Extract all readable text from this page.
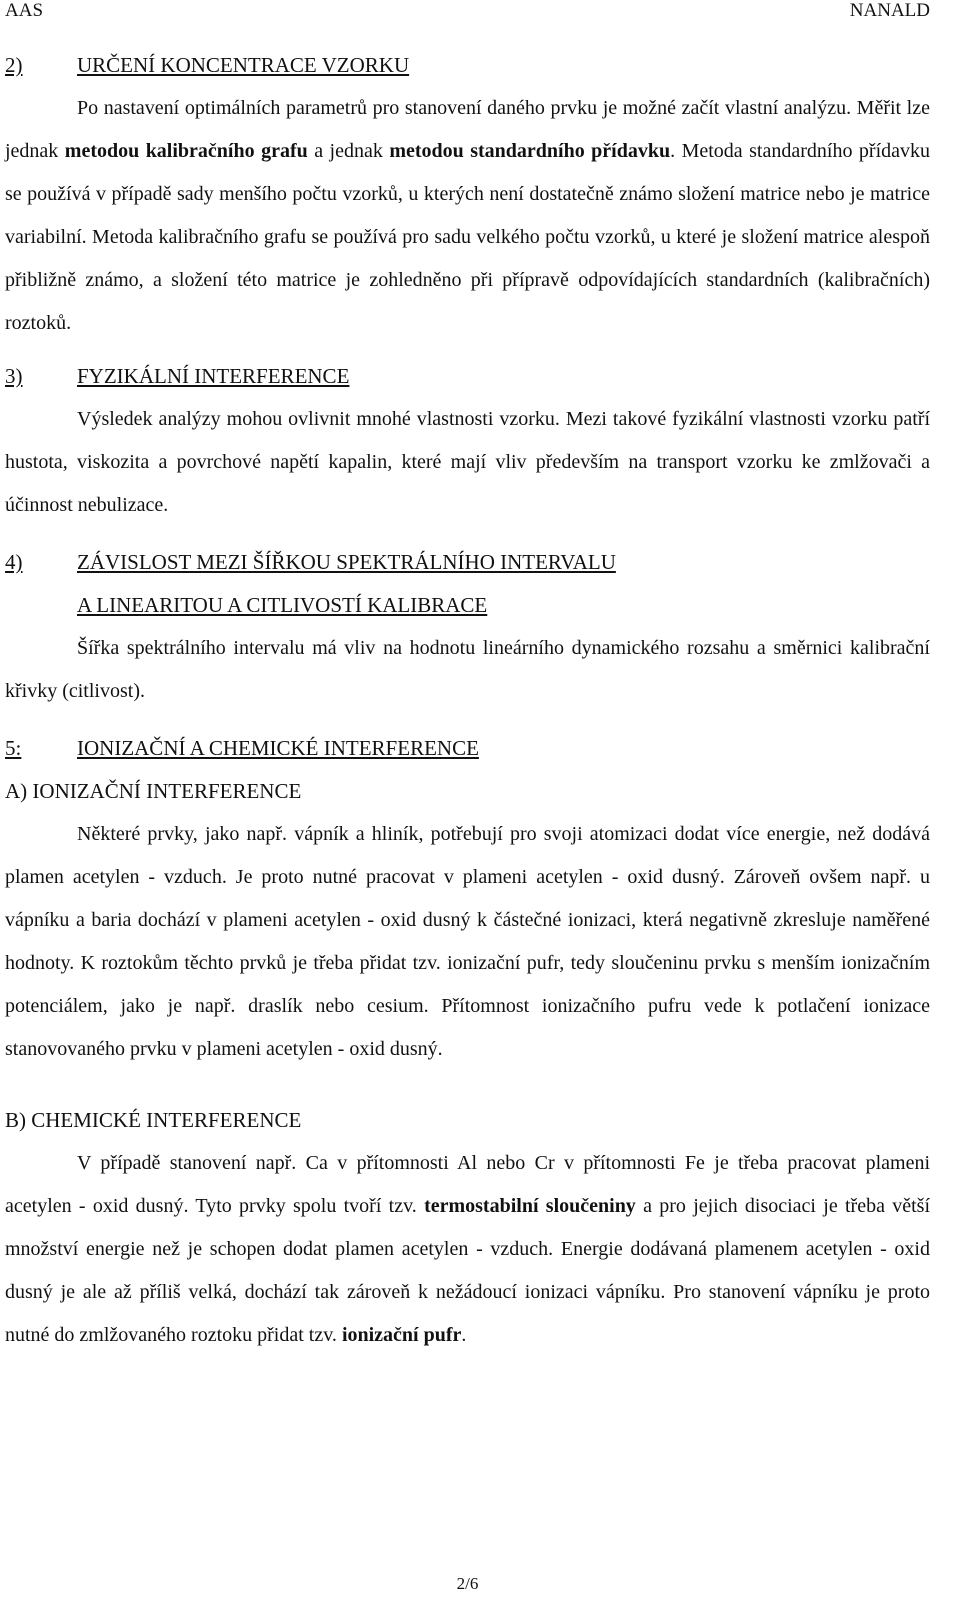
AAS	NANALD
2)	URČENÍ KONCENTRACE VZORKU

Po nastavení optimálních parametrů pro stanovení daného prvku je možné začít vlastní analýzu. Měřit lze jednak metodou kalibračního grafu a jednak metodou standardního přídavku. Metoda standardního přídavku se používá v případě sady menšího počtu vzorků, u kterých není dostatečně známo složení matrice nebo je matrice variabilní. Metoda kalibračního grafu se používá pro sadu velkého počtu vzorků, u které je složení matrice alespoň přibližně známo, a složení této matrice je zohledněno při přípravě odpovídajících standardních (kalibračních) roztoků.

3)	FYZIKÁLNÍ INTERFERENCE

Výsledek analýzy mohou ovlivnit mnohé vlastnosti vzorku. Mezi takové fyzikální vlastnosti vzorku patří hustota, viskozita a povrchové napětí kapalin, které mají vliv především na transport vzorku ke zmlžovači a účinnost nebulizace.

4)	ZÁVISLOST MEZI ŠÍŘKOU SPEKTRÁLNÍHO INTERVALU
A LINEARITOU A CITLIVOSTÍ KALIBRACE

Šířka spektrálního intervalu má vliv na hodnotu lineárního dynamického rozsahu a směrnici kalibrační křivky (citlivost).

5:	IONIZAČNÍ A CHEMICKÉ INTERFERENCE

A) IONIZAČNÍ INTERFERENCE

Některé prvky, jako např. vápník a hliník, potřebují pro svoji atomizaci dodat více energie, než dodává plamen acetylen - vzduch. Je proto nutné pracovat v plameni acetylen - oxid dusný. Zároveň ovšem např. u vápníku a baria dochází v plameni acetylen - oxid dusný k částečné ionizaci, která negativně zkresluje naměřené hodnoty. K roztokům těchto prvků je třeba přidat tzv. ionizační pufr, tedy sloučeninu prvku s menším ionizačním potenciálem, jako je např. draslík nebo cesium. Přítomnost ionizačního pufru vede k potlačení ionizace stanovovaného prvku v plameni acetylen - oxid dusný.

B) CHEMICKÉ INTERFERENCE

V případě stanovení např. Ca v přítomnosti Al nebo Cr v přítomnosti Fe je třeba pracovat plameni acetylen - oxid dusný. Tyto prvky spolu tvoří tzv. termostabilní sloučeniny a pro jejich disociaci je třeba větší množství energie než je schopen dodat plamen acetylen - vzduch. Energie dodávaná plamenem acetylen - oxid dusný je ale až příliš velká, dochází tak zároveň k nežádoucí ionizaci vápníku. Pro stanovení vápníku je proto nutné do zmlžovaného roztoku přidat tzv. ionizační pufr.

2/6
